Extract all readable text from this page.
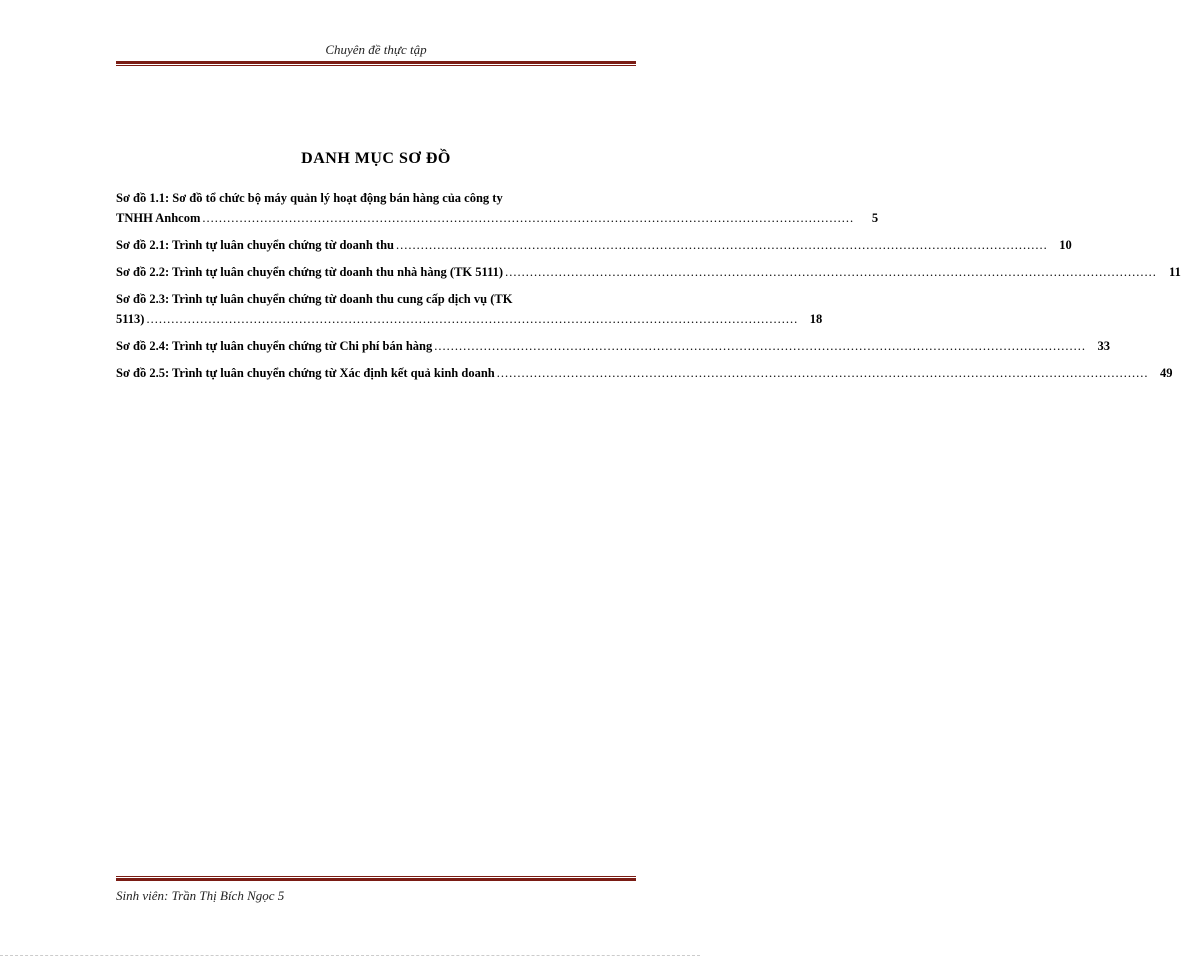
Chuyên đề thực tập
DANH MỤC SƠ ĐỒ
Sơ đồ 1.1: Sơ đồ tổ chức bộ máy quản lý hoạt động bán hàng của công ty
TNHH Anhcom ..............................................................................................................................................................	5
Sơ đồ 2.1: Trình tự luân chuyển chứng từ doanh thu .............................................................................................................................................................. 10
Sơ đồ 2.2: Trình tự luân chuyển chứng từ doanh thu nhà hàng (TK 5111) .............................................................................................................................................................. 11
Sơ đồ 2.3: Trình tự luân chuyển chứng từ doanh thu cung cấp dịch vụ (TK
5113) .............................................................................................................................................................. 18
Sơ đồ 2.4: Trình tự luân chuyển chứng từ Chi phí bán hàng .............................................................................................................................................................. 33
Sơ đồ 2.5: Trình tự luân chuyển chứng từ Xác định kết quả kinh doanh .............................................................................................................................................................. 49
Sinh viên: Trần Thị Bích Ngọc 5
